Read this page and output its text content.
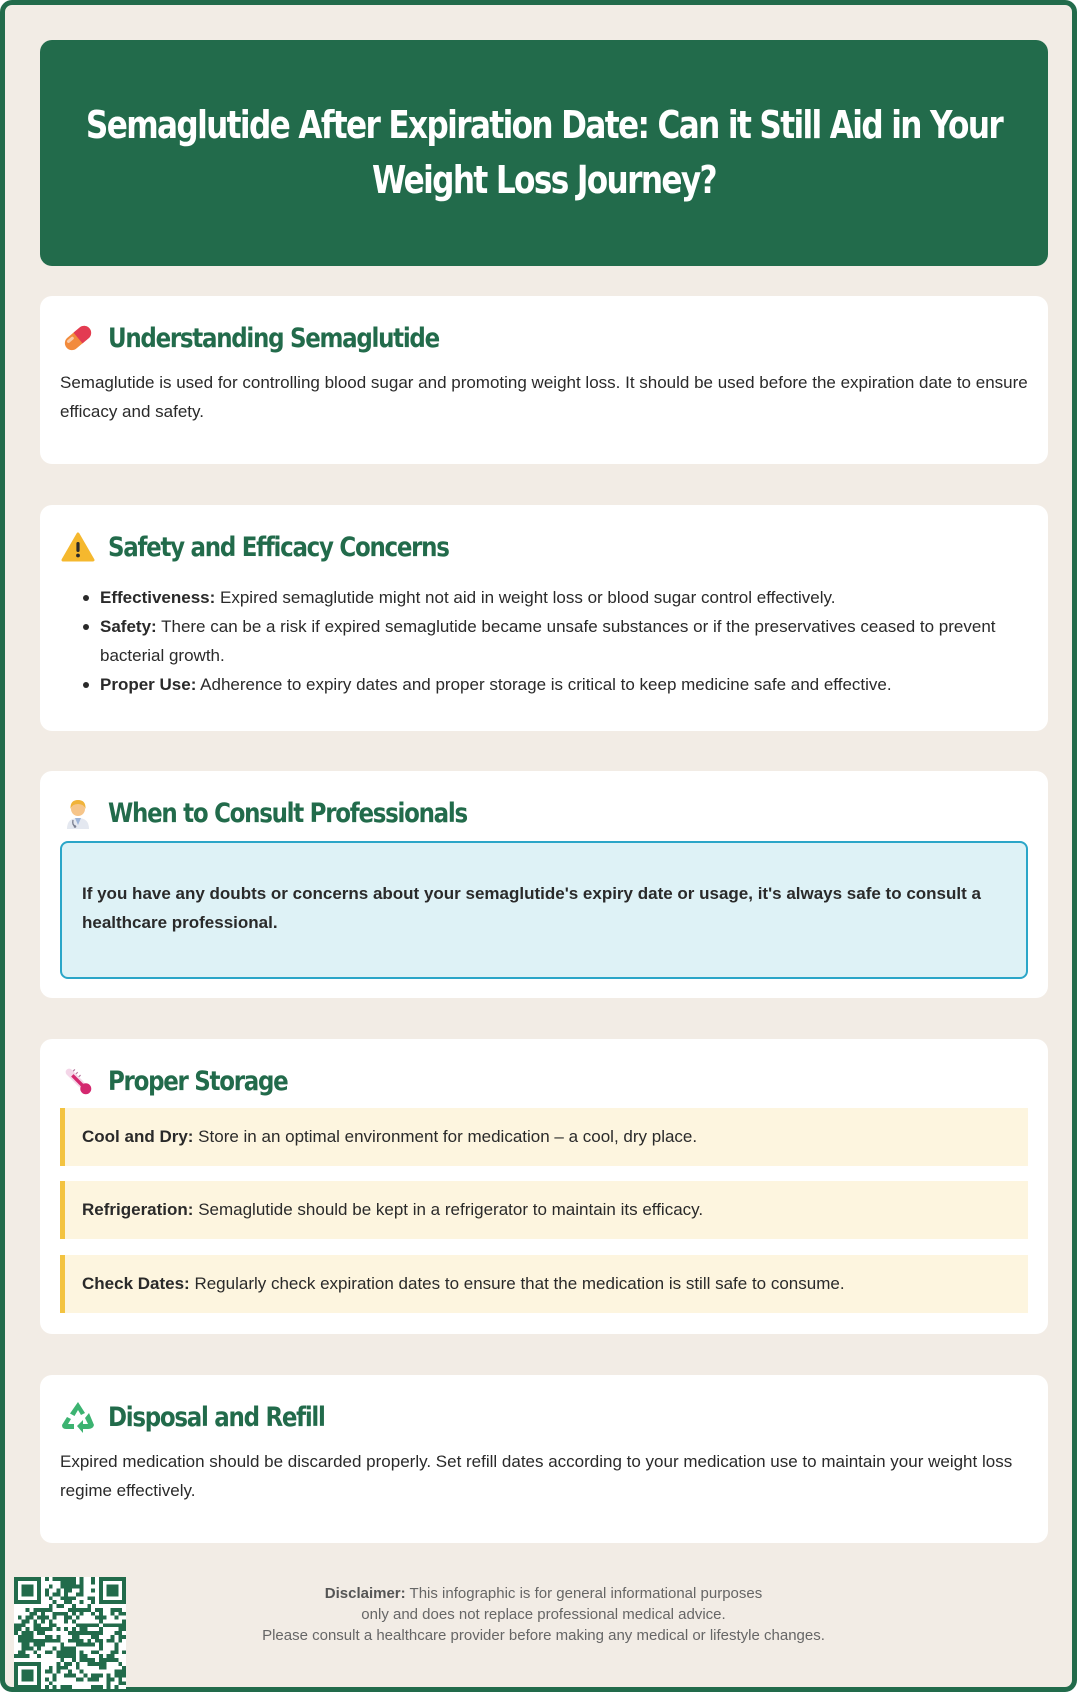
Semaglutide After Expiration Date: Can it Still Aid in Your Weight Loss Journey?
Understanding Semaglutide

Semaglutide is used for controlling blood sugar and promoting weight loss. It should be used before the expiration date to ensure efficacy and safety.

Safety and Efficacy Concerns
Effectiveness: Expired semaglutide might not aid in weight loss or blood sugar control effectively.
Safety: There can be a risk if expired semaglutide became unsafe substances or if the preservatives ceased to prevent bacterial growth.
Proper Use: Adherence to expiry dates and proper storage is critical to keep medicine safe and effective.
When to Consult Professionals
If you have any doubts or concerns about your semaglutide's expiry date or usage, it's always safe to consult a healthcare professional.
Proper Storage
Cool and Dry: Store in an optimal environment for medication – a cool, dry place.
Refrigeration: Semaglutide should be kept in a refrigerator to maintain its efficacy.
Check Dates: Regularly check expiration dates to ensure that the medication is still safe to consume.
Disposal and Refill

Expired medication should be discarded properly. Set refill dates according to your medication use to maintain your weight loss regime effectively.

Disclaimer: This infographic is for general informational purposes
only and does not replace professional medical advice.
Please consult a healthcare provider before making any medical or lifestyle changes.
